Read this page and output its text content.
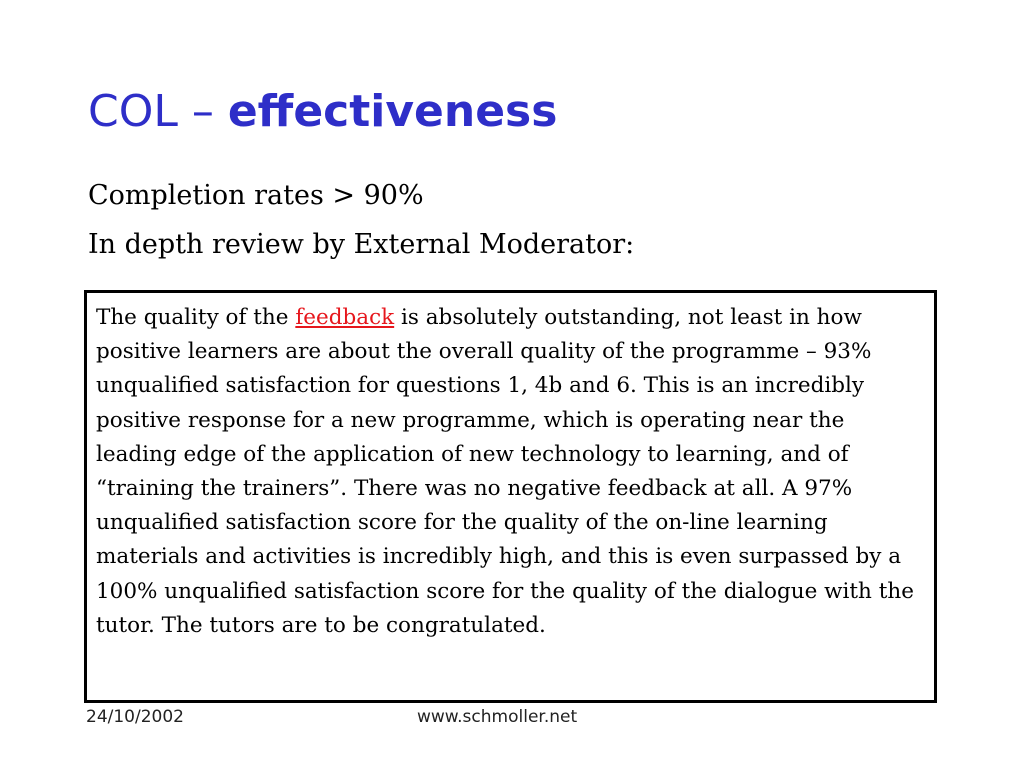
COL – effectiveness

Completion rates > 90%

In depth review by External Moderator:

The quality of the feedback is absolutely outstanding, not least in how positive learners are about the overall quality of the programme – 93% unqualified satisfaction for questions 1, 4b and 6. This is an incredibly positive response for a new programme, which is operating near the leading edge of the application of new technology to learning, and of “training the trainers”. There was no negative feedback at all. A 97% unqualified satisfaction score for the quality of the on-line learning materials and activities is incredibly high, and this is even surpassed by a 100% unqualified satisfaction score for the quality of the dialogue with the tutor. The tutors are to be congratulated.

24/10/2002	www.schmoller.net
